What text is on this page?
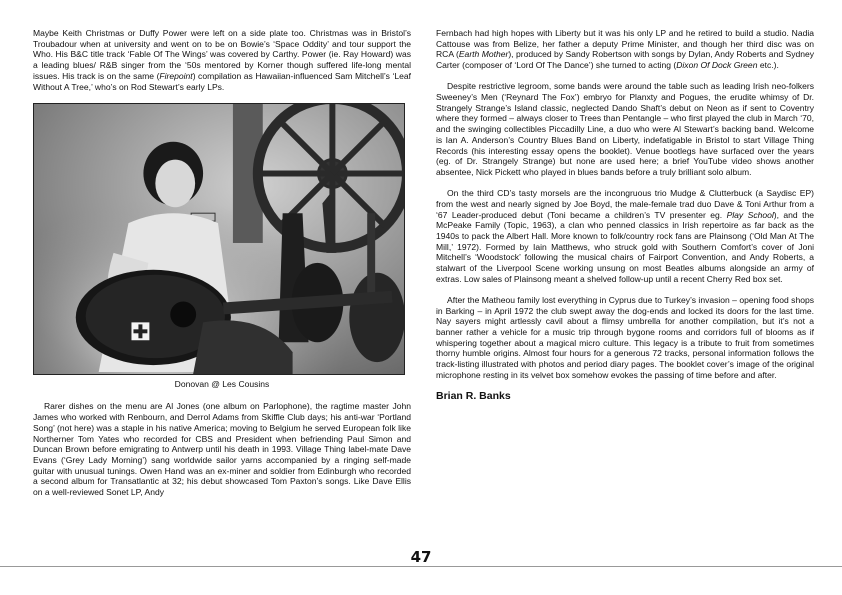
Maybe Keith Christmas or Duffy Power were left on a side plate too. Christmas was in Bristol’s Troubadour when at university and went on to be on Bowie’s ‘Space Oddity’ and tour support the Who. His B&C title track ‘Fable Of The Wings’ was covered by Carthy. Power (ie. Ray Howard) was a leading blues/ R&B singer from the ‘50s mentored by Korner though suffered life-long mental issues. His track is on the same (Firepoint) compilation as Hawaiian-influenced Sam Mitchell’s ‘Leaf Without A Tree,’ who’s on Rod Stewart’s early LPs.

Donovan @ Les Cousins

Rarer dishes on the menu are Al Jones (one album on Parlophone), the ragtime master John James who worked with Renbourn, and Derrol Adams from Skiffle Club days; his anti-war ‘Portland Song’ (not here) was a staple in his native America; moving to Belgium he served European folk like Northerner Tom Yates who recorded for CBS and President when befriending Paul Simon and Duncan Brown before emigrating to Antwerp until his death in 1993. Village Thing label-mate Dave Evans (‘Grey Lady Morning’) sang worldwide sailor yarns accompanied by a ringing self-made guitar with unusual tunings. Owen Hand was an ex-miner and soldier from Edinburgh who recorded a second album for Transatlantic at 32; his debut showcased Tom Paxton’s songs. Like Dave Ellis on a well-reviewed Sonet LP, Andy

Fernbach had high hopes with Liberty but it was his only LP and he retired to build a studio. Nadia Cattouse was from Belize, her father a deputy Prime Minister, and though her third disc was on RCA (Earth Mother), produced by Sandy Robertson with songs by Dylan, Andy Roberts and Sydney Carter (composer of ‘Lord Of The Dance’) she turned to acting (Dixon Of Dock Green etc.).

Despite restrictive legroom, some bands were around the table such as leading Irish neo-folkers Sweeney’s Men (‘Reynard The Fox’) embryo for Planxty and Pogues, the erudite whimsy of Dr. Strangely Strange’s Island classic, neglected Dando Shaft’s debut on Neon as if sent to Coventry where they formed – always closer to Trees than Pentangle – who first played the club in March ‘70, and the swinging collectibles Piccadilly Line, a duo who were Al Stewart’s backing band. Welcome is Ian A. Anderson’s Country Blues Band on Liberty, indefatigable in Bristol to start Village Thing Records (his interesting essay opens the booklet). Venue bootlegs have surfaced over the years (eg. of Dr. Strangely Strange) but none are used here; a brief YouTube video shows another absentee, Nick Pickett who played in blues bands before a truly brilliant solo album.

On the third CD’s tasty morsels are the incongruous trio Mudge & Clutterbuck (a Saydisc EP) from the west and nearly signed by Joe Boyd, the male-female trad duo Dave & Toni Arthur from a ‘67 Leader-produced debut (Toni became a children’s TV presenter eg. Play School), and the McPeake Family (Topic, 1963), a clan who penned classics in Irish repertoire as far back as the 1940s to pack the Albert Hall. More known to folk/country rock fans are Plainsong (‘Old Man At The Mill,’ 1972). Formed by Iain Matthews, who struck gold with Southern Comfort’s cover of Joni Mitchell’s ‘Woodstock’ following the musical chairs of Fairport Convention, and Andy Roberts, a stalwart of the Liverpool Scene working unsung on most Beatles albums alongside an army of extras. Low sales of Plainsong meant a shelved follow-up until a recent Cherry Red box set.

After the Matheou family lost everything in Cyprus due to Turkey’s invasion – opening food shops in Barking – in April 1972 the club swept away the dog-ends and locked its doors for the last time. Nay sayers might artlessly cavil about a flimsy umbrella for another compilation, but it’s not a banner rather a vehicle for a music trip through bygone rooms and corridors full of blooms as if whispering together about a magical micro culture. This legacy is a tribute to fruit from sometimes thorny humble origins. Almost four hours for a generous 72 tracks, personal information follows the track-listing illustrated with photos and period diary pages. The booklet cover’s image of the original microphone resting in its velvet box somehow evokes the passing of time before and after.

Brian R. Banks
47
